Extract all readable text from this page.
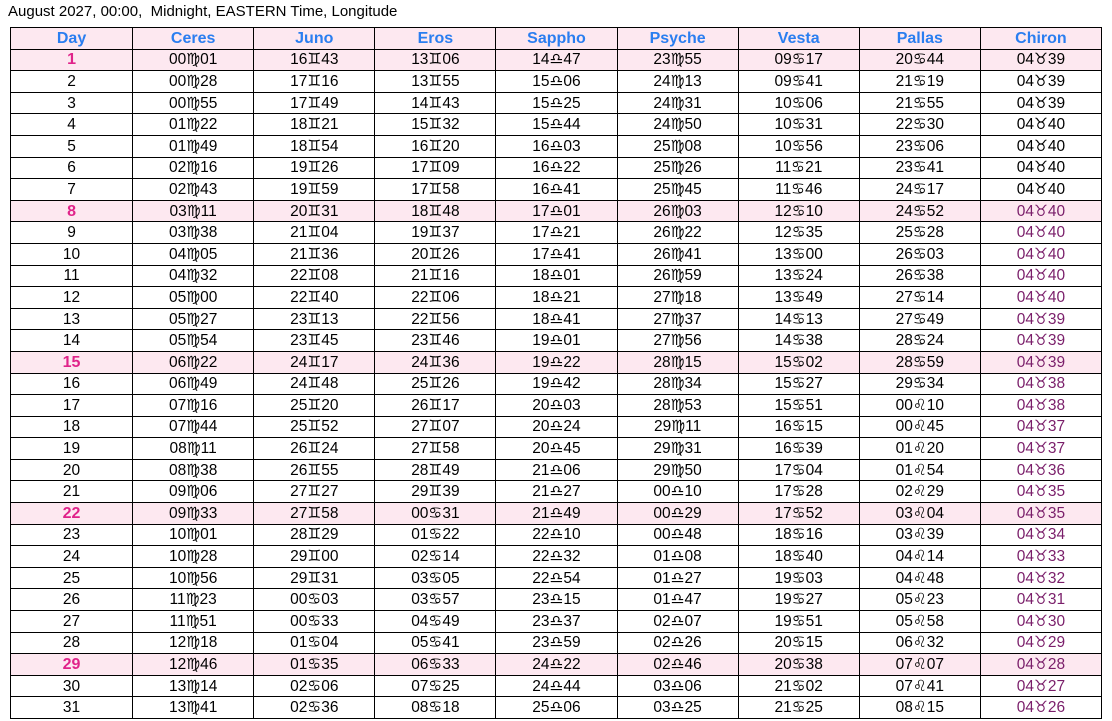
August 2027, 00:00,  Midnight, EASTERN Time, Longitude
Day	Ceres	Juno	Eros	Sappho	Psyche	Vesta	Pallas	Chiron
1	00♍01	16♊43	13♊06	14♎47	23♍55	09♋17	20♋44	04♉39
2	00♍28	17♊16	13♊55	15♎06	24♍13	09♋41	21♋19	04♉39
3	00♍55	17♊49	14♊43	15♎25	24♍31	10♋06	21♋55	04♉39
4	01♍22	18♊21	15♊32	15♎44	24♍50	10♋31	22♋30	04♉40
5	01♍49	18♊54	16♊20	16♎03	25♍08	10♋56	23♋06	04♉40
6	02♍16	19♊26	17♊09	16♎22	25♍26	11♋21	23♋41	04♉40
7	02♍43	19♊59	17♊58	16♎41	25♍45	11♋46	24♋17	04♉40
8	03♍11	20♊31	18♊48	17♎01	26♍03	12♋10	24♋52	04♉40
9	03♍38	21♊04	19♊37	17♎21	26♍22	12♋35	25♋28	04♉40
10	04♍05	21♊36	20♊26	17♎41	26♍41	13♋00	26♋03	04♉40
11	04♍32	22♊08	21♊16	18♎01	26♍59	13♋24	26♋38	04♉40
12	05♍00	22♊40	22♊06	18♎21	27♍18	13♋49	27♋14	04♉40
13	05♍27	23♊13	22♊56	18♎41	27♍37	14♋13	27♋49	04♉39
14	05♍54	23♊45	23♊46	19♎01	27♍56	14♋38	28♋24	04♉39
15	06♍22	24♊17	24♊36	19♎22	28♍15	15♋02	28♋59	04♉39
16	06♍49	24♊48	25♊26	19♎42	28♍34	15♋27	29♋34	04♉38
17	07♍16	25♊20	26♊17	20♎03	28♍53	15♋51	00♌10	04♉38
18	07♍44	25♊52	27♊07	20♎24	29♍11	16♋15	00♌45	04♉37
19	08♍11	26♊24	27♊58	20♎45	29♍31	16♋39	01♌20	04♉37
20	08♍38	26♊55	28♊49	21♎06	29♍50	17♋04	01♌54	04♉36
21	09♍06	27♊27	29♊39	21♎27	00♎10	17♋28	02♌29	04♉35
22	09♍33	27♊58	00♋31	21♎49	00♎29	17♋52	03♌04	04♉35
23	10♍01	28♊29	01♋22	22♎10	00♎48	18♋16	03♌39	04♉34
24	10♍28	29♊00	02♋14	22♎32	01♎08	18♋40	04♌14	04♉33
25	10♍56	29♊31	03♋05	22♎54	01♎27	19♋03	04♌48	04♉32
26	11♍23	00♋03	03♋57	23♎15	01♎47	19♋27	05♌23	04♉31
27	11♍51	00♋33	04♋49	23♎37	02♎07	19♋51	05♌58	04♉30
28	12♍18	01♋04	05♋41	23♎59	02♎26	20♋15	06♌32	04♉29
29	12♍46	01♋35	06♋33	24♎22	02♎46	20♋38	07♌07	04♉28
30	13♍14	02♋06	07♋25	24♎44	03♎06	21♋02	07♌41	04♉27
31	13♍41	02♋36	08♋18	25♎06	03♎25	21♋25	08♌15	04♉26
